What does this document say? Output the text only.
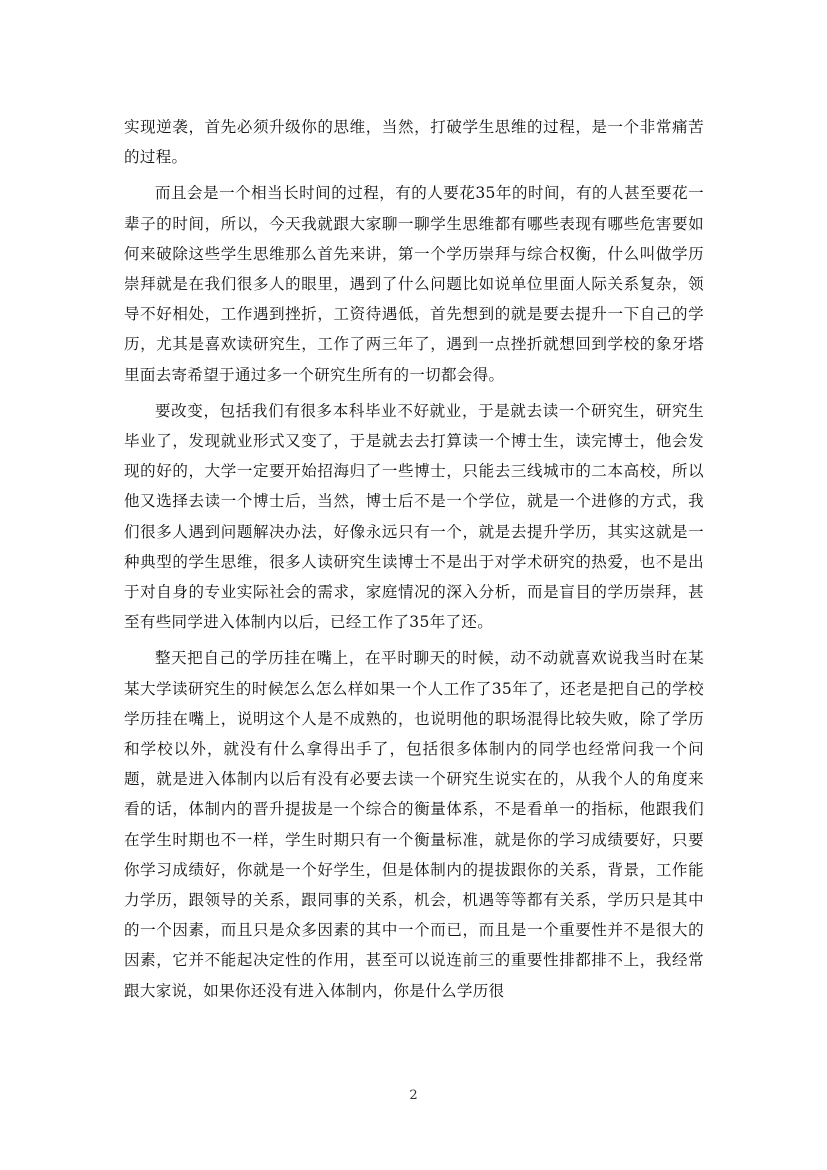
实现逆袭，首先必须升级你的思维，当然，打破学生思维的过程，是一个非常痛苦的过程。

而且会是一个相当长时间的过程，有的人要花35年的时间，有的人甚至要花一辈子的时间，所以，今天我就跟大家聊一聊学生思维都有哪些表现有哪些危害要如何来破除这些学生思维那么首先来讲，第一个学历崇拜与综合权衡，什么叫做学历崇拜就是在我们很多人的眼里，遇到了什么问题比如说单位里面人际关系复杂，领导不好相处，工作遇到挫折，工资待遇低，首先想到的就是要去提升一下自己的学历，尤其是喜欢读研究生，工作了两三年了，遇到一点挫折就想回到学校的象牙塔里面去寄希望于通过多一个研究生所有的一切都会得。

要改变，包括我们有很多本科毕业不好就业，于是就去读一个研究生，研究生毕业了，发现就业形式又变了，于是就去去打算读一个博士生，读完博士，他会发现的好的，大学一定要开始招海归了一些博士，只能去三线城市的二本高校，所以他又选择去读一个博士后，当然，博士后不是一个学位，就是一个进修的方式，我们很多人遇到问题解决办法，好像永远只有一个，就是去提升学历，其实这就是一种典型的学生思维，很多人读研究生读博士不是出于对学术研究的热爱，也不是出于对自身的专业实际社会的需求，家庭情况的深入分析，而是盲目的学历崇拜，甚至有些同学进入体制内以后，已经工作了35年了还。

整天把自己的学历挂在嘴上，在平时聊天的时候，动不动就喜欢说我当时在某某大学读研究生的时候怎么怎么样如果一个人工作了35年了，还老是把自己的学校学历挂在嘴上，说明这个人是不成熟的，也说明他的职场混得比较失败，除了学历和学校以外，就没有什么拿得出手了，包括很多体制内的同学也经常问我一个问题，就是进入体制内以后有没有必要去读一个研究生说实在的，从我个人的角度来看的话，体制内的晋升提拔是一个综合的衡量体系，不是看单一的指标，他跟我们在学生时期也不一样，学生时期只有一个衡量标准，就是你的学习成绩要好，只要你学习成绩好，你就是一个好学生，但是体制内的提拔跟你的关系，背景，工作能力学历，跟领导的关系，跟同事的关系，机会，机遇等等都有关系，学历只是其中的一个因素，而且只是众多因素的其中一个而已，而且是一个重要性并不是很大的因素，它并不能起决定性的作用，甚至可以说连前三的重要性排都排不上，我经常跟大家说，如果你还没有进入体制内，你是什么学历很

2
